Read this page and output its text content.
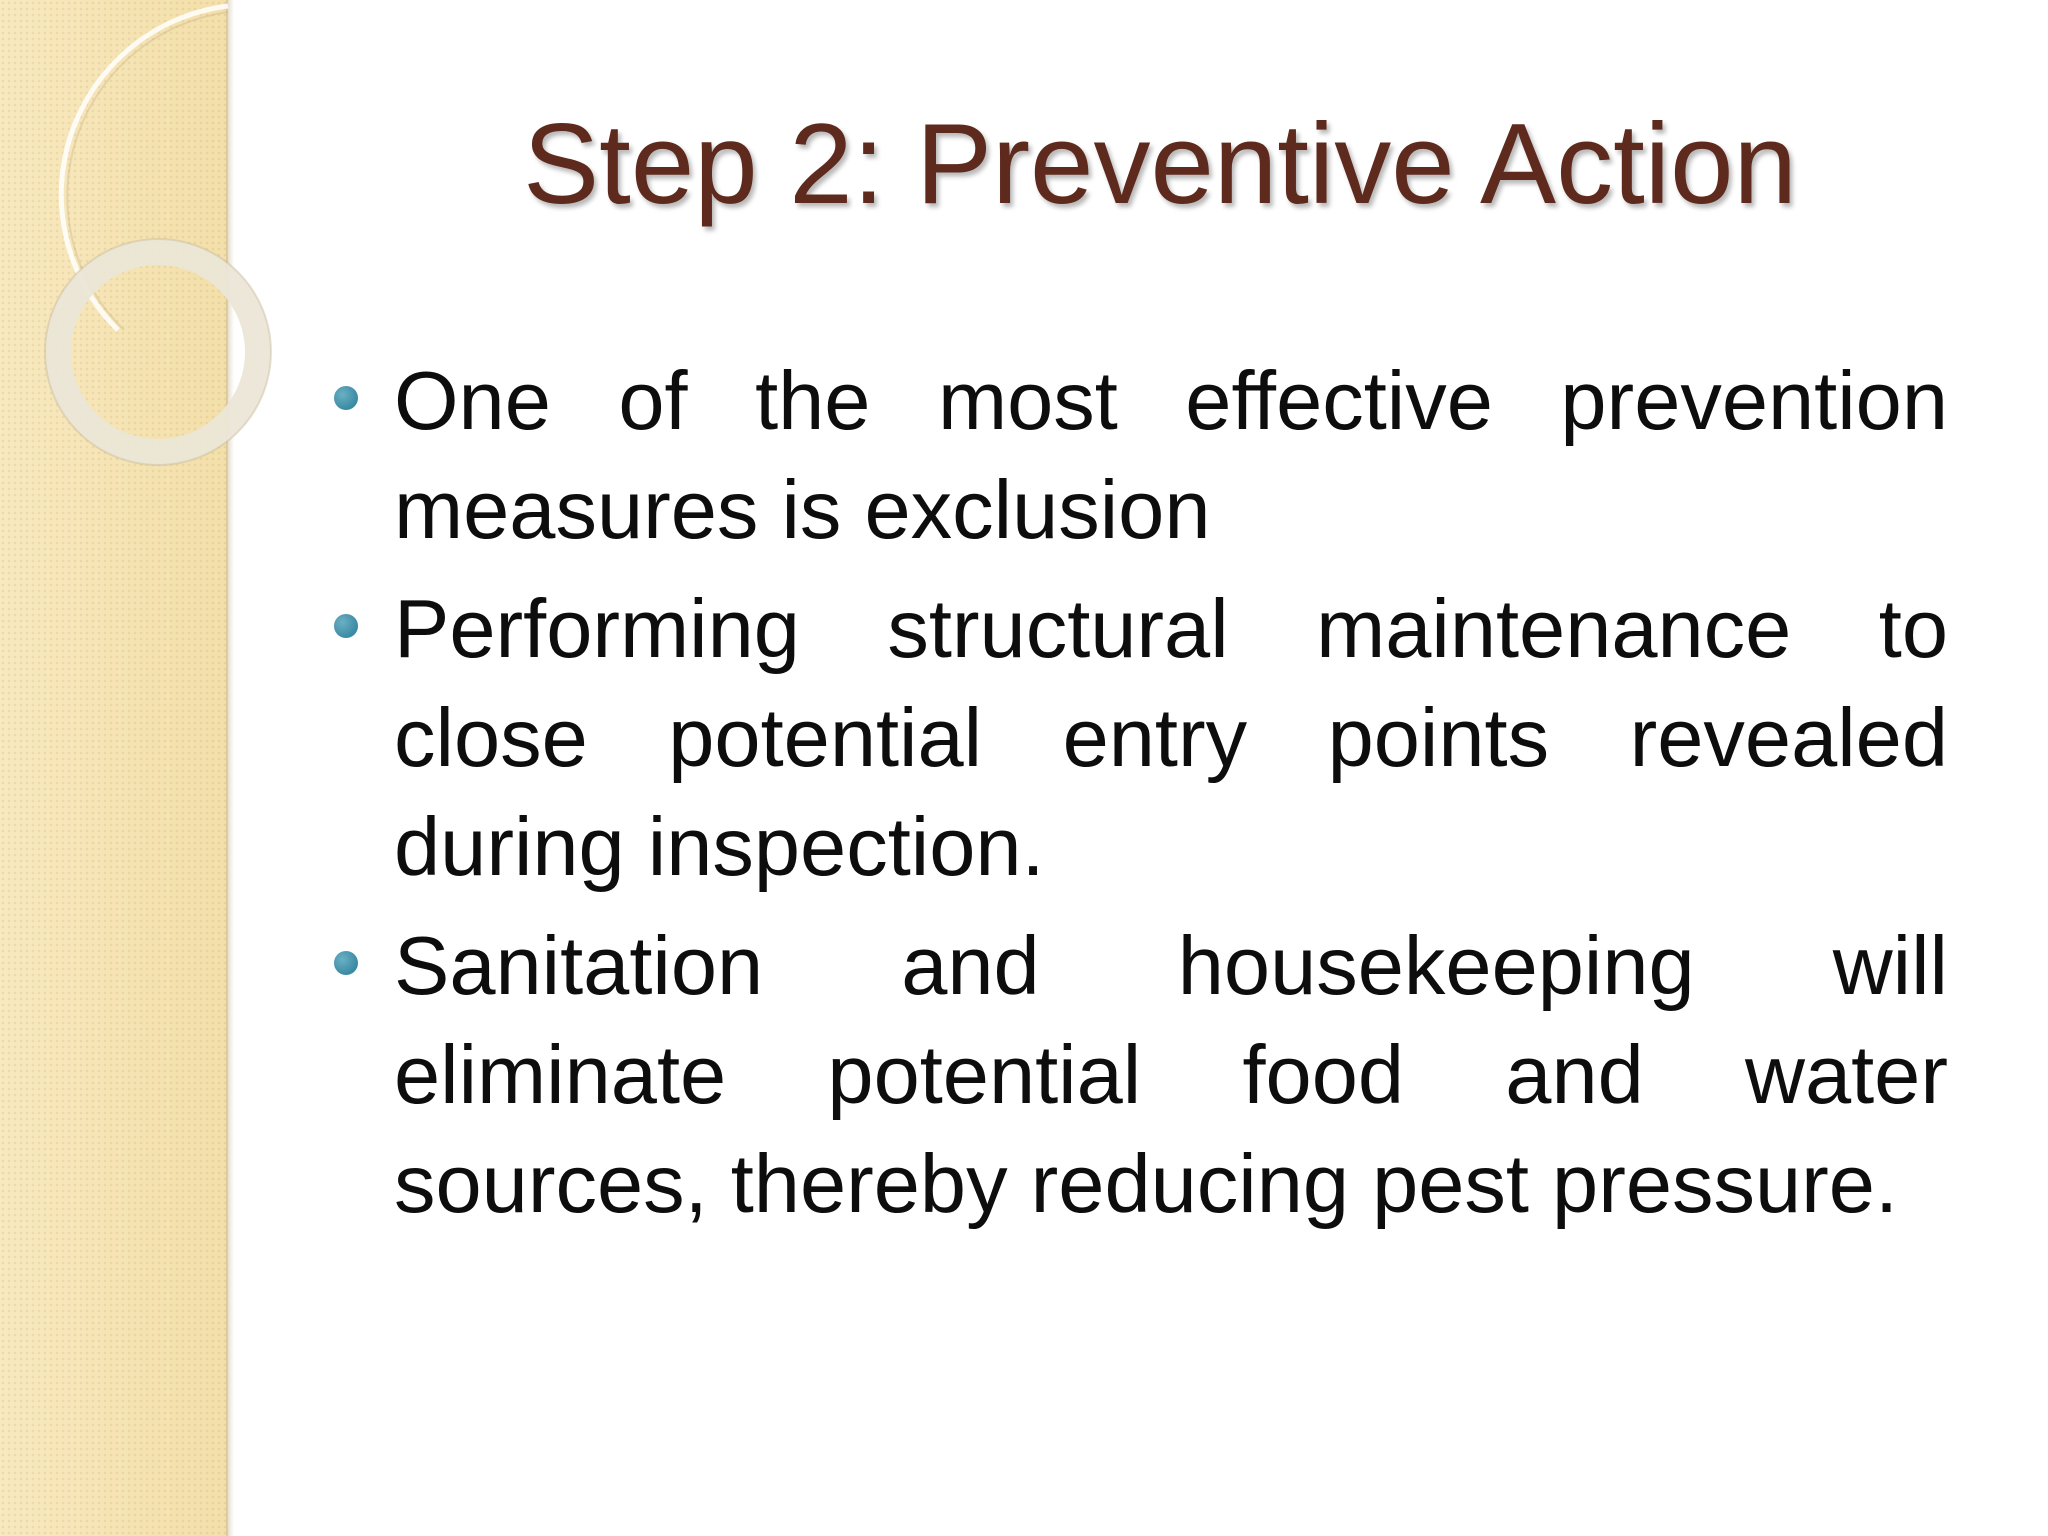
Step 2: Preventive Action
One of the most effective prevention measures is exclusion
Performing structural maintenance to close potential entry points revealed during inspection.
Sanitation and housekeeping will eliminate potential food and water sources, thereby reducing pest pressure.
